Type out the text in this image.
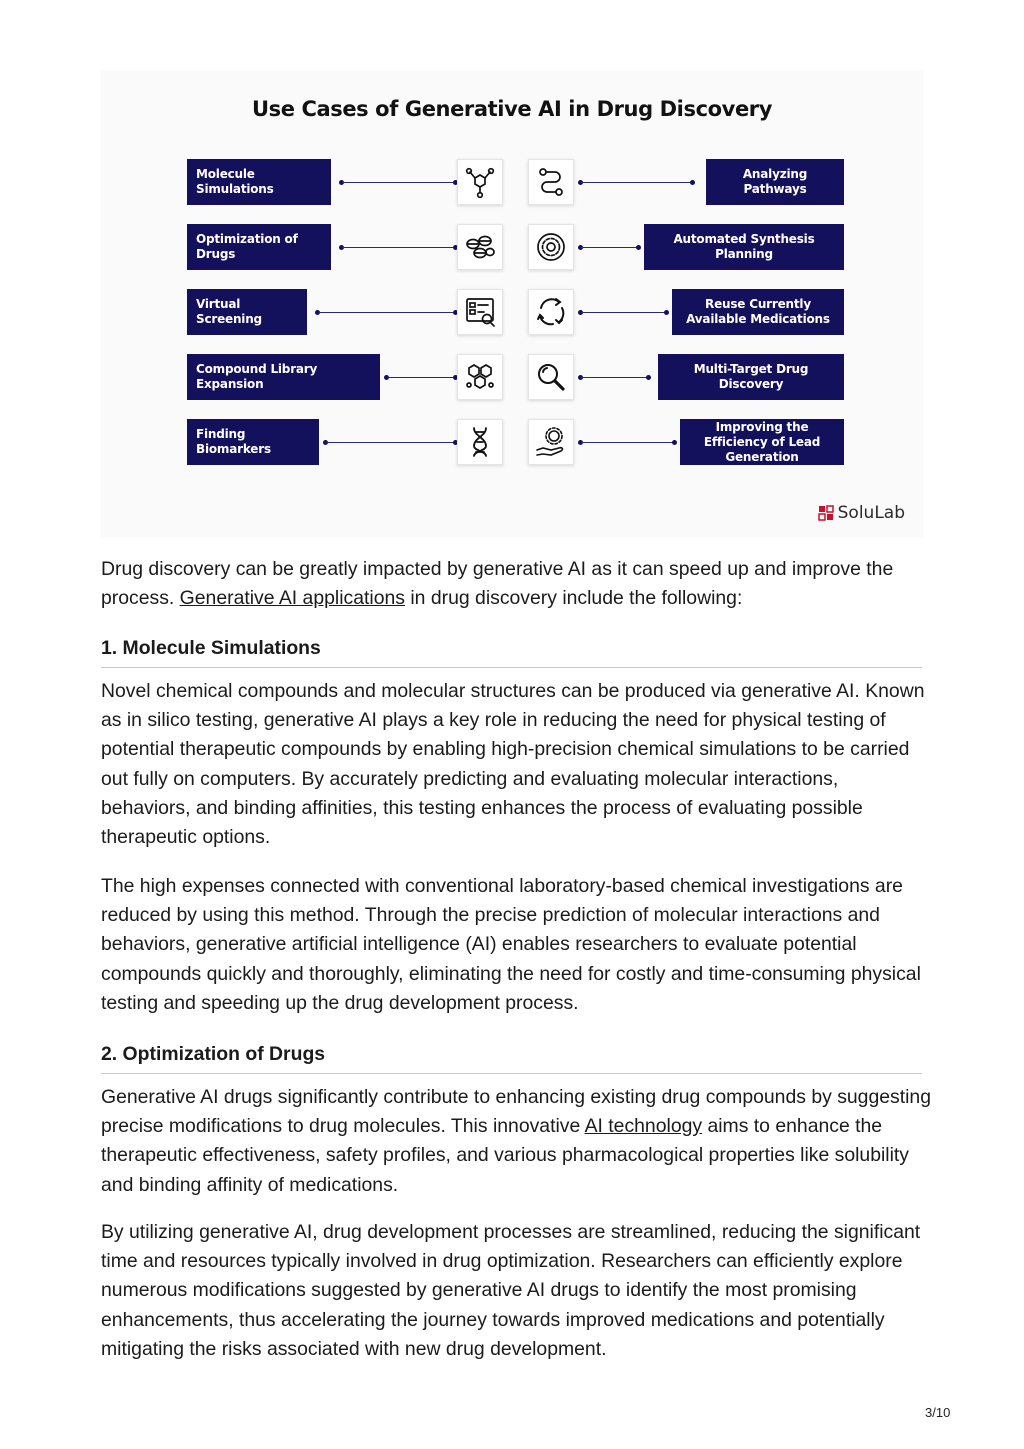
Use Cases of Generative AI in Drug Discovery
Molecule Simulations
Analyzing Pathways
Optimization of Drugs
Automated Synthesis Planning
Virtual Screening
Reuse Currently Available Medications
Compound Library Expansion
Multi-Target Drug Discovery
Finding Biomarkers
Improving the Efficiency of Lead Generation
SoluLab

Drug discovery can be greatly impacted by generative AI as it can speed up and improve the process. Generative AI applications in drug discovery include the following:

1. Molecule Simulations

Novel chemical compounds and molecular structures can be produced via generative AI. Known as in silico testing, generative AI plays a key role in reducing the need for physical testing of potential therapeutic compounds by enabling high-precision chemical simulations to be carried out fully on computers. By accurately predicting and evaluating molecular interactions, behaviors, and binding affinities, this testing enhances the process of evaluating possible therapeutic options.

The high expenses connected with conventional laboratory-based chemical investigations are reduced by using this method. Through the precise prediction of molecular interactions and behaviors, generative artificial intelligence (AI) enables researchers to evaluate potential compounds quickly and thoroughly, eliminating the need for costly and time-consuming physical testing and speeding up the drug development process.

2. Optimization of Drugs

Generative AI drugs significantly contribute to enhancing existing drug compounds by suggesting precise modifications to drug molecules. This innovative AI technology aims to enhance the therapeutic effectiveness, safety profiles, and various pharmacological properties like solubility and binding affinity of medications.

By utilizing generative AI, drug development processes are streamlined, reducing the significant time and resources typically involved in drug optimization. Researchers can efficiently explore numerous modifications suggested by generative AI drugs to identify the most promising enhancements, thus accelerating the journey towards improved medications and potentially mitigating the risks associated with new drug development.

3/10
